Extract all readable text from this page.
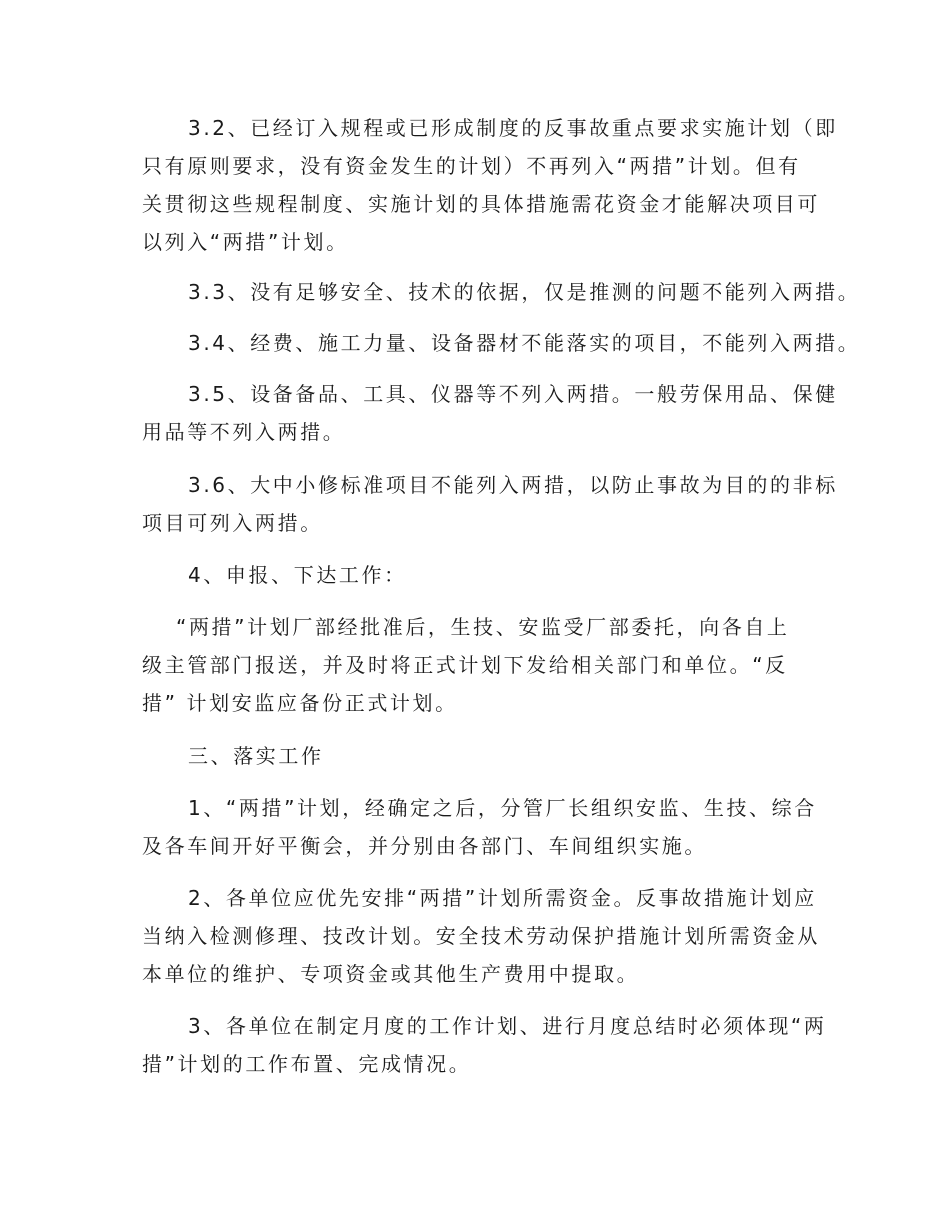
3.2、已经订入规程或已形成制度的反事故重点要求实施计划（即
只有原则要求，没有资金发生的计划）不再列入“两措”计划。但有
关贯彻这些规程制度、实施计划的具体措施需花资金才能解决项目可
以列入“两措”计划。
3.3、没有足够安全、技术的依据，仅是推测的问题不能列入两措。
3.4、经费、施工力量、设备器材不能落实的项目，不能列入两措。
3.5、设备备品、工具、仪器等不列入两措。一般劳保用品、保健
用品等不列入两措。
3.6、大中小修标准项目不能列入两措，以防止事故为目的的非标
项目可列入两措。
4、申报、下达工作：
“两措”计划厂部经批准后，生技、安监受厂部委托，向各自上
级主管部门报送，并及时将正式计划下发给相关部门和单位。“反
措” 计划安监应备份正式计划。
三、落实工作
1、“两措”计划，经确定之后，分管厂长组织安监、生技、综合
及各车间开好平衡会，并分别由各部门、车间组织实施。
2、各单位应优先安排“两措”计划所需资金。反事故措施计划应
当纳入检测修理、技改计划。安全技术劳动保护措施计划所需资金从
本单位的维护、专项资金或其他生产费用中提取。
3、各单位在制定月度的工作计划、进行月度总结时必须体现“两
措”计划的工作布置、完成情况。
